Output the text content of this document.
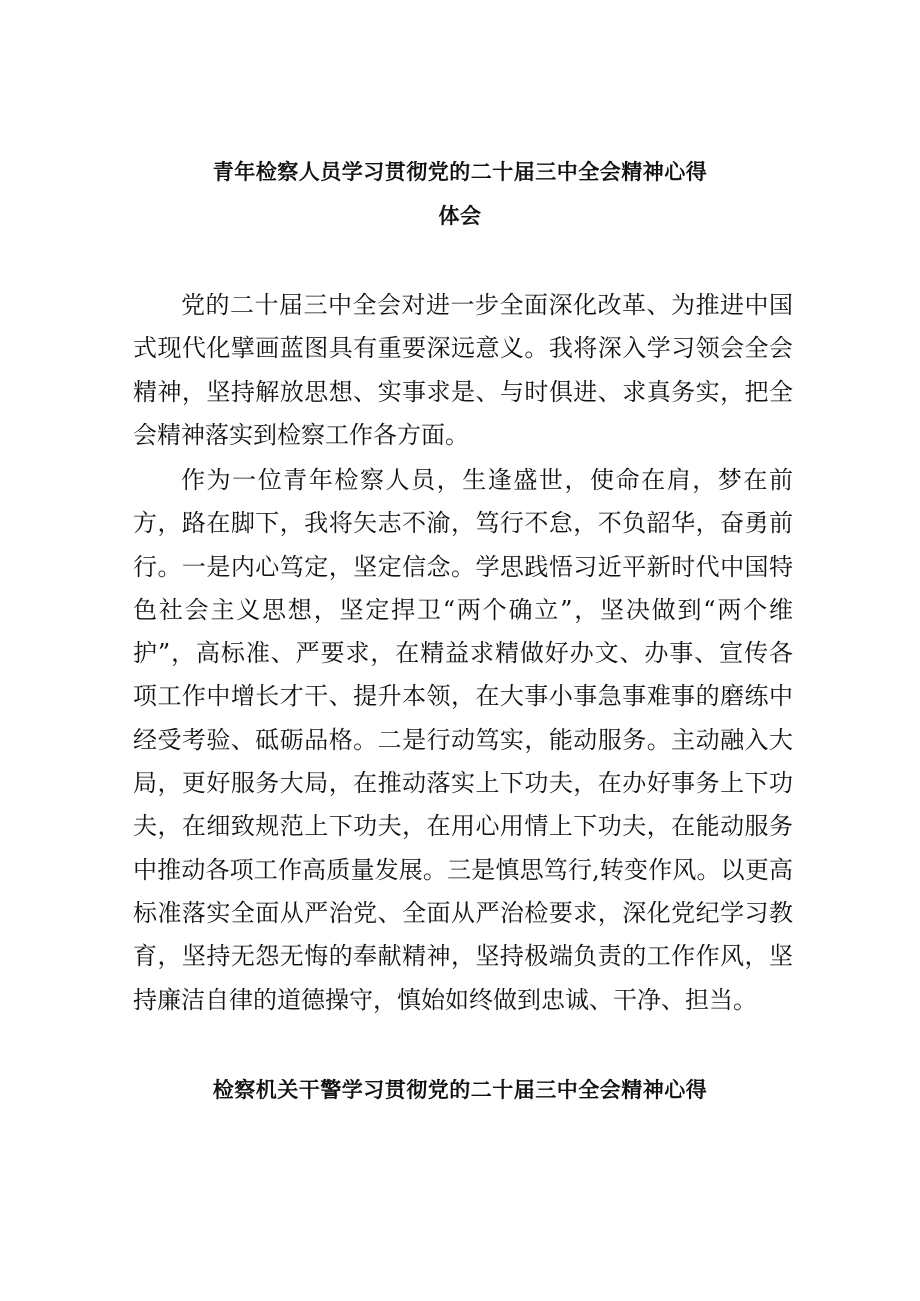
青年检察人员学习贯彻党的二十届三中全会精神心得
体会

党的二十届三中全会对进一步全面深化改革、为推进中国式现代化擘画蓝图具有重要深远意义。我将深入学习领会全会精神，坚持解放思想、实事求是、与时俱进、求真务实，把全会精神落实到检察工作各方面。

作为一位青年检察人员，生逢盛世，使命在肩，梦在前方，路在脚下，我将矢志不渝，笃行不怠，不负韶华，奋勇前行。一是内心笃定，坚定信念。学思践悟习近平新时代中国特色社会主义思想，坚定捍卫“两个确立”，坚决做到“两个维护”，高标准、严要求，在精益求精做好办文、办事、宣传各项工作中增长才干、提升本领，在大事小事急事难事的磨练中经受考验、砥砺品格。二是行动笃实，能动服务。主动融入大局，更好服务大局，在推动落实上下功夫，在办好事务上下功夫，在细致规范上下功夫，在用心用情上下功夫，在能动服务中推动各项工作高质量发展。三是慎思笃行,转变作风。以更高标准落实全面从严治党、全面从严治检要求，深化党纪学习教育，坚持无怨无悔的奉献精神，坚持极端负责的工作作风，坚持廉洁自律的道德操守，慎始如终做到忠诚、干净、担当。

检察机关干警学习贯彻党的二十届三中全会精神心得
